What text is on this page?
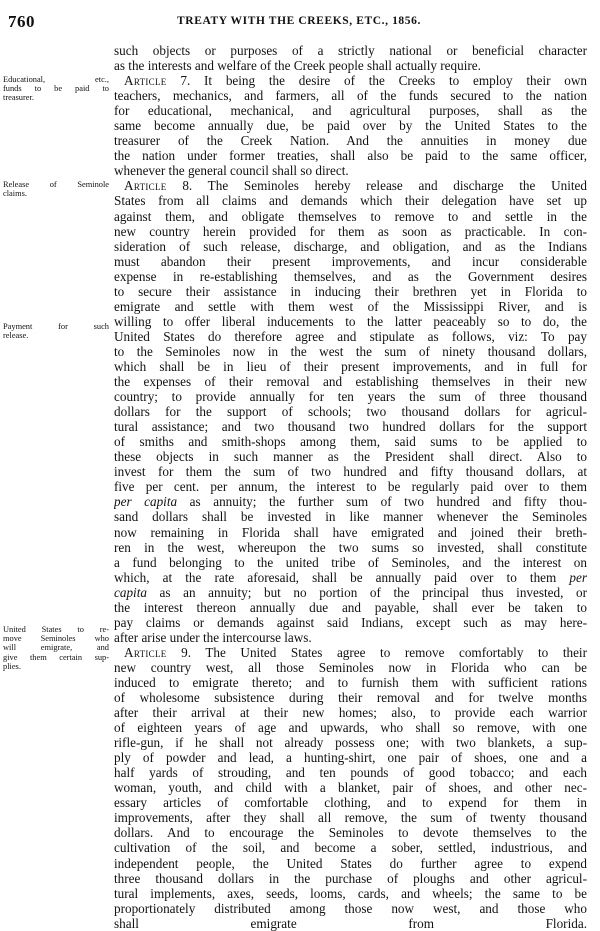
760	TREATY WITH THE CREEKS, ETC., 1856.
Educational, etc.,
funds to be paid to
treasurer.
Release of Seminole
claims.
Payment for such
release.
United States to re-
move Seminoles who
will emigrate, and
give them certain sup-
plies.
such objects or purposes of a strictly national or beneficial character
as the interests and welfare of the Creek people shall actually require.
Article 7. It being the desire of the Creeks to employ their own
teachers, mechanics, and farmers, all of the funds secured to the nation
for educational, mechanical, and agricultural purposes, shall as the
same become annually due, be paid over by the United States to the
treasurer of the Creek Nation. And the annuities in money due
the nation under former treaties, shall also be paid to the same officer,
whenever the general council shall so direct.
Article 8. The Seminoles hereby release and discharge the United
States from all claims and demands which their delegation have set up
against them, and obligate themselves to remove to and settle in the
new country herein provided for them as soon as practicable. In con-
sideration of such release, discharge, and obligation, and as the Indians
must abandon their present improvements, and incur considerable
expense in re-establishing themselves, and as the Government desires
to secure their assistance in inducing their brethren yet in Florida to
emigrate and settle with them west of the Mississippi River, and is
willing to offer liberal inducements to the latter peaceably so to do, the
United States do therefore agree and stipulate as follows, viz: To pay
to the Seminoles now in the west the sum of ninety thousand dollars,
which shall be in lieu of their present improvements, and in full for
the expenses of their removal and establishing themselves in their new
country; to provide annually for ten years the sum of three thousand
dollars for the support of schools; two thousand dollars for agricul-
tural assistance; and two thousand two hundred dollars for the support
of smiths and smith-shops among them, said sums to be applied to
these objects in such manner as the President shall direct. Also to
invest for them the sum of two hundred and fifty thousand dollars, at
five per cent. per annum, the interest to be regularly paid over to them
per capita as annuity; the further sum of two hundred and fifty thou-
sand dollars shall be invested in like manner whenever the Seminoles
now remaining in Florida shall have emigrated and joined their breth-
ren in the west, whereupon the two sums so invested, shall constitute
a fund belonging to the united tribe of Seminoles, and the interest on
which, at the rate aforesaid, shall be annually paid over to them per
capita as an annuity; but no portion of the principal thus invested, or
the interest thereon annually due and payable, shall ever be taken to
pay claims or demands against said Indians, except such as may here-
after arise under the intercourse laws.
Article 9. The United States agree to remove comfortably to their
new country west, all those Seminoles now in Florida who can be
induced to emigrate thereto; and to furnish them with sufficient rations
of wholesome subsistence during their removal and for twelve months
after their arrival at their new homes; also, to provide each warrior
of eighteen years of age and upwards, who shall so remove, with one
rifle-gun, if he shall not already possess one; with two blankets, a sup-
ply of powder and lead, a hunting-shirt, one pair of shoes, one and a
half yards of strouding, and ten pounds of good tobacco; and each
woman, youth, and child with a blanket, pair of shoes, and other nec-
essary articles of comfortable clothing, and to expend for them in
improvements, after they shall all remove, the sum of twenty thousand
dollars. And to encourage the Seminoles to devote themselves to the
cultivation of the soil, and become a sober, settled, industrious, and
independent people, the United States do further agree to expend
three thousand dollars in the purchase of ploughs and other agricul-
tural implements, axes, seeds, looms, cards, and wheels; the same to be
proportionately distributed among those now west, and those who
shall emigrate from Florida.
